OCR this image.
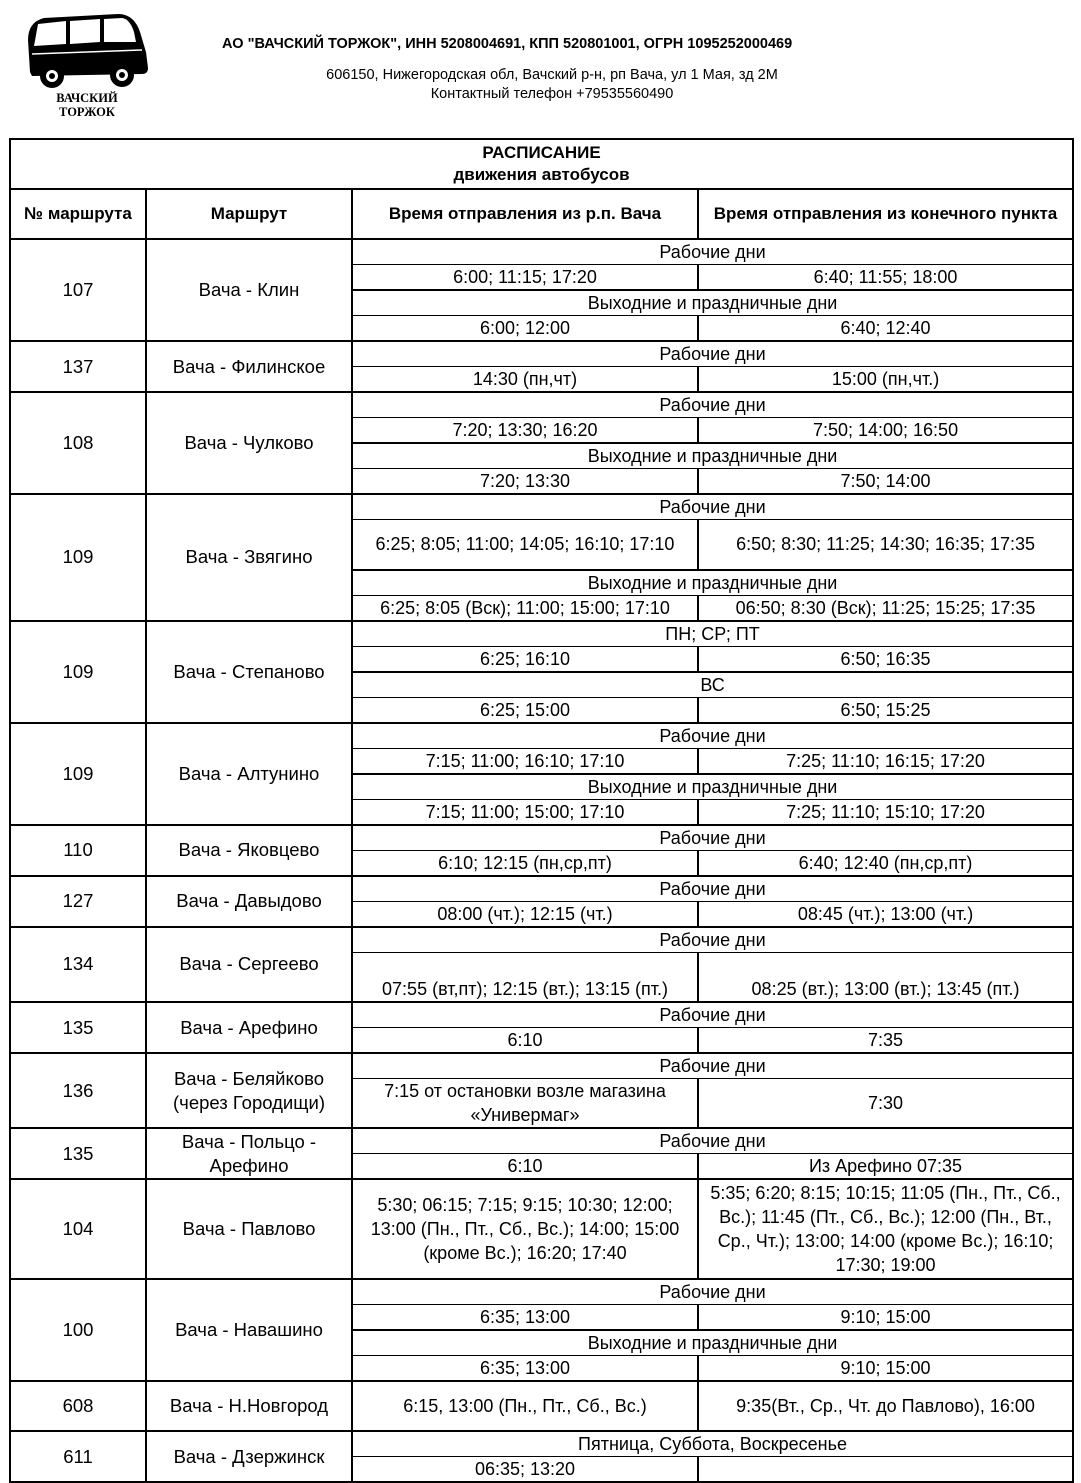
ВАЧСКИЙ
ТОРЖОК
АО "ВАЧСКИЙ ТОРЖОК", ИНН 5208004691, КПП 520801001, ОГРН 1095252000469
606150, Нижегородская обл, Вачский р-н, рп Вача, ул 1 Мая, зд 2М
Контактный телефон +79535560490
РАСПИСАНИЕ
движения автобусов			

№ маршрута	Маршрут	Время отправления из р.п. Вача	Время отправления из конечного пункта
107	Вача - Клин	Рабочие дни	
		6:00; 11:15; 17:20	6:40; 11:55; 18:00
		Выходние и праздничные дни	
		6:00; 12:00	6:40; 12:40
137	Вача - Филинское	Рабочие дни	
		14:30 (пн,чт)	15:00 (пн,чт.)
108	Вача - Чулково	Рабочие дни	
		7:20; 13:30; 16:20	7:50; 14:00; 16:50
		Выходние и праздничные дни	
		7:20; 13:30	7:50; 14:00
109	Вача - Звягино	Рабочие дни	
		6:25; 8:05; 11:00; 14:05; 16:10; 17:10	6:50; 8:30; 11:25; 14:30; 16:35; 17:35
		Выходние и праздничные дни	
		6:25; 8:05 (Вск); 11:00; 15:00; 17:10	06:50; 8:30 (Вск); 11:25; 15:25; 17:35
109	Вача - Степаново	ПН; СР; ПТ	
		6:25; 16:10	6:50; 16:35
		ВС	
		6:25; 15:00	6:50; 15:25
109	Вача - Алтунино	Рабочие дни	
		7:15; 11:00; 16:10; 17:10	7:25; 11:10; 16:15; 17:20
		Выходние и праздничные дни	
		7:15; 11:00; 15:00; 17:10	7:25; 11:10; 15:10; 17:20
110	Вача - Яковцево	Рабочие дни	
		6:10; 12:15 (пн,ср,пт)	6:40; 12:40 (пн,ср,пт)
127	Вача - Давыдово	Рабочие дни	
		08:00 (чт.); 12:15 (чт.)	08:45 (чт.); 13:00 (чт.)
134	Вача - Сергеево	Рабочие дни	
		07:55 (вт,пт); 12:15 (вт.); 13:15 (пт.)	08:25 (вт.); 13:00 (вт.); 13:45 (пт.)
135	Вача - Арефино	Рабочие дни	
		6:10	7:35
136	Вача - Беляйково (через Городищи)	Рабочие дни	
		7:15 от остановки возле магазина «Универмаг»	7:30
135	Вача - Польцо - Арефино	Рабочие дни	
		6:10	Из Арефино 07:35
104	Вача - Павлово	5:30; 06:15; 7:15; 9:15; 10:30; 12:00; 13:00 (Пн., Пт., Сб., Вс.); 14:00; 15:00 (кроме Вс.); 16:20; 17:40	5:35; 6:20; 8:15; 10:15; 11:05 (Пн., Пт., Сб., Вс.); 11:45 (Пт., Сб., Вс.); 12:00 (Пн., Вт., Ср., Чт.); 13:00; 14:00 (кроме Вс.); 16:10; 17:30; 19:00
100	Вача - Навашино	Рабочие дни	
		6:35; 13:00	9:10; 15:00
		Выходние и праздничные дни	
		6:35; 13:00	9:10; 15:00
608	Вача - Н.Новгород	6:15, 13:00 (Пн., Пт., Сб., Вс.)	9:35(Вт., Ср., Чт. до Павлово), 16:00
611	Вача - Дзержинск	Пятница, Суббота, Воскресенье	
		06:35; 13:20	
